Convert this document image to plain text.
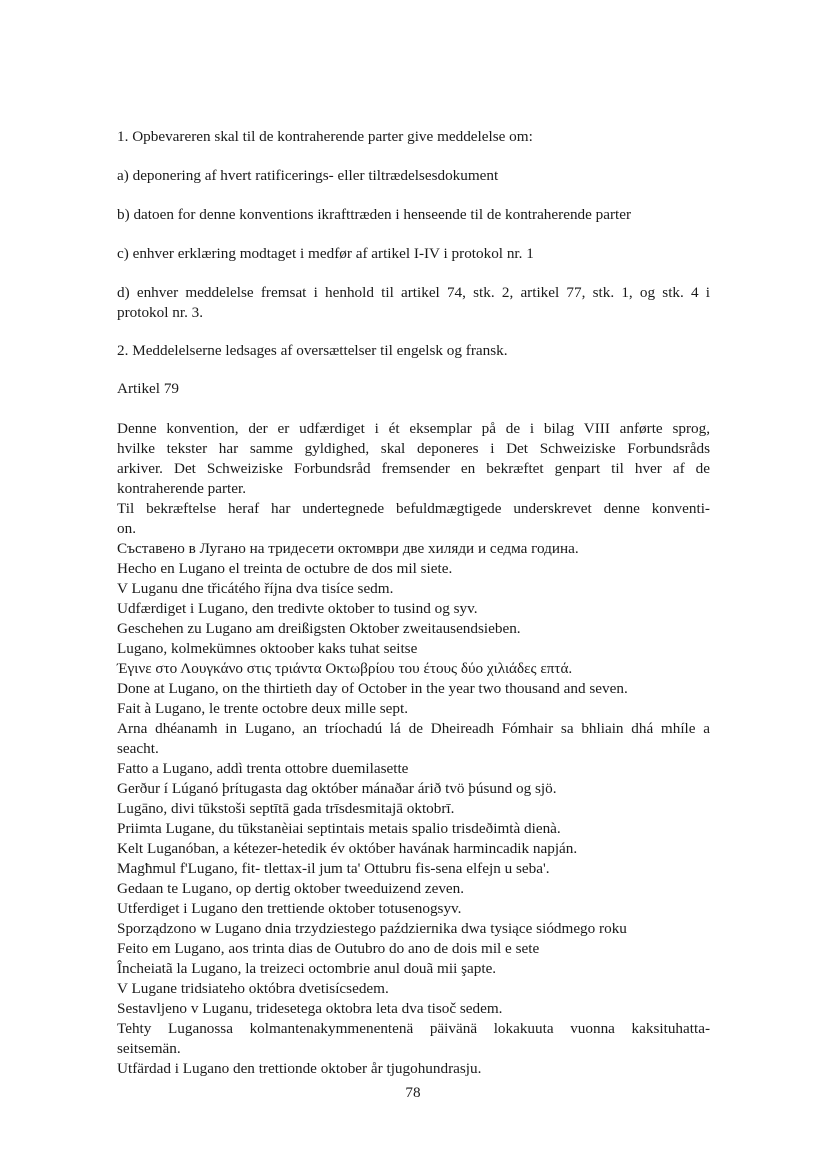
1. Opbevareren skal til de kontraherende parter give meddelelse om:

a) deponering af hvert ratificerings- eller tiltrædelsesdokument

b) datoen for denne konventions ikrafttræden i henseende til de kontraherende parter

c) enhver erklæring modtaget i medfør af artikel I-IV i protokol nr. 1

d) enhver meddelelse fremsat i henhold til artikel 74, stk. 2, artikel 77, stk. 1, og stk. 4 i
protokol nr. 3.

2. Meddelelserne ledsages af oversættelser til engelsk og fransk.

Artikel 79

Denne konvention, der er udfærdiget i ét eksemplar på de i bilag VIII anførte sprog,
hvilke tekster har samme gyldighed, skal deponeres i Det Schweiziske Forbundsråds
arkiver. Det Schweiziske Forbundsråd fremsender en bekræftet genpart til hver af de
kontraherende parter.
Til bekræftelse heraf har undertegnede befuldmægtigede underskrevet denne konventi-
on.
Съставено в Лугано на тридесети октомври две хиляди и седма година.
Hecho en Lugano el treinta de octubre de dos mil siete.
V Luganu dne třicátého října dva tisíce sedm.
Udfærdiget i Lugano, den tredivte oktober to tusind og syv.
Geschehen zu Lugano am dreißigsten Oktober zweitausendsieben.
Lugano, kolmekümnes oktoober kaks tuhat seitse
Έγινε στο Λουγκάνο στις τριάντα Οκτωβρίου του έτους δύο χιλιάδες επτά.
Done at Lugano, on the thirtieth day of October in the year two thousand and seven.
Fait à Lugano, le trente octobre deux mille sept.
Arna dhéanamh in Lugano, an tríochadú lá de Dheireadh Fómhair sa bhliain dhá mhíle a
seacht.
Fatto a Lugano, addì trenta ottobre duemilasette
Gerður í Lúganó þrítugasta dag október mánaðar árið tvö þúsund og sjö.
Lugāno, divi tūkstoši septītā gada trīsdesmitajā oktobrī.
Priimta Lugane, du tūkstanèiai septintais metais spalio trisdeðimtà dienà.
Kelt Luganóban, a kétezer-hetedik év október havának harmincadik napján.
Magħmul f'Lugano, fit- tlettax-il jum ta' Ottubru fis-sena elfejn u seba'.
Gedaan te Lugano, op dertig oktober tweeduizend zeven.
Utferdiget i Lugano den trettiende oktober totusenogsyv.
Sporządzono w Lugano dnia trzydziestego października dwa tysiące siódmego roku
Feito em Lugano, aos trinta dias de Outubro do ano de dois mil e sete
Încheiatã la Lugano, la treizeci octombrie anul douã mii şapte.
V Lugane tridsiateho októbra dvetisícsedem.
Sestavljeno v Luganu, tridesetega oktobra leta dva tisoč sedem.
Tehty Luganossa kolmantenakymmenentenä päivänä lokakuuta vuonna kaksituhatta-
seitsemän.
Utfärdad i Lugano den trettionde oktober år tjugohundrasju.
78
